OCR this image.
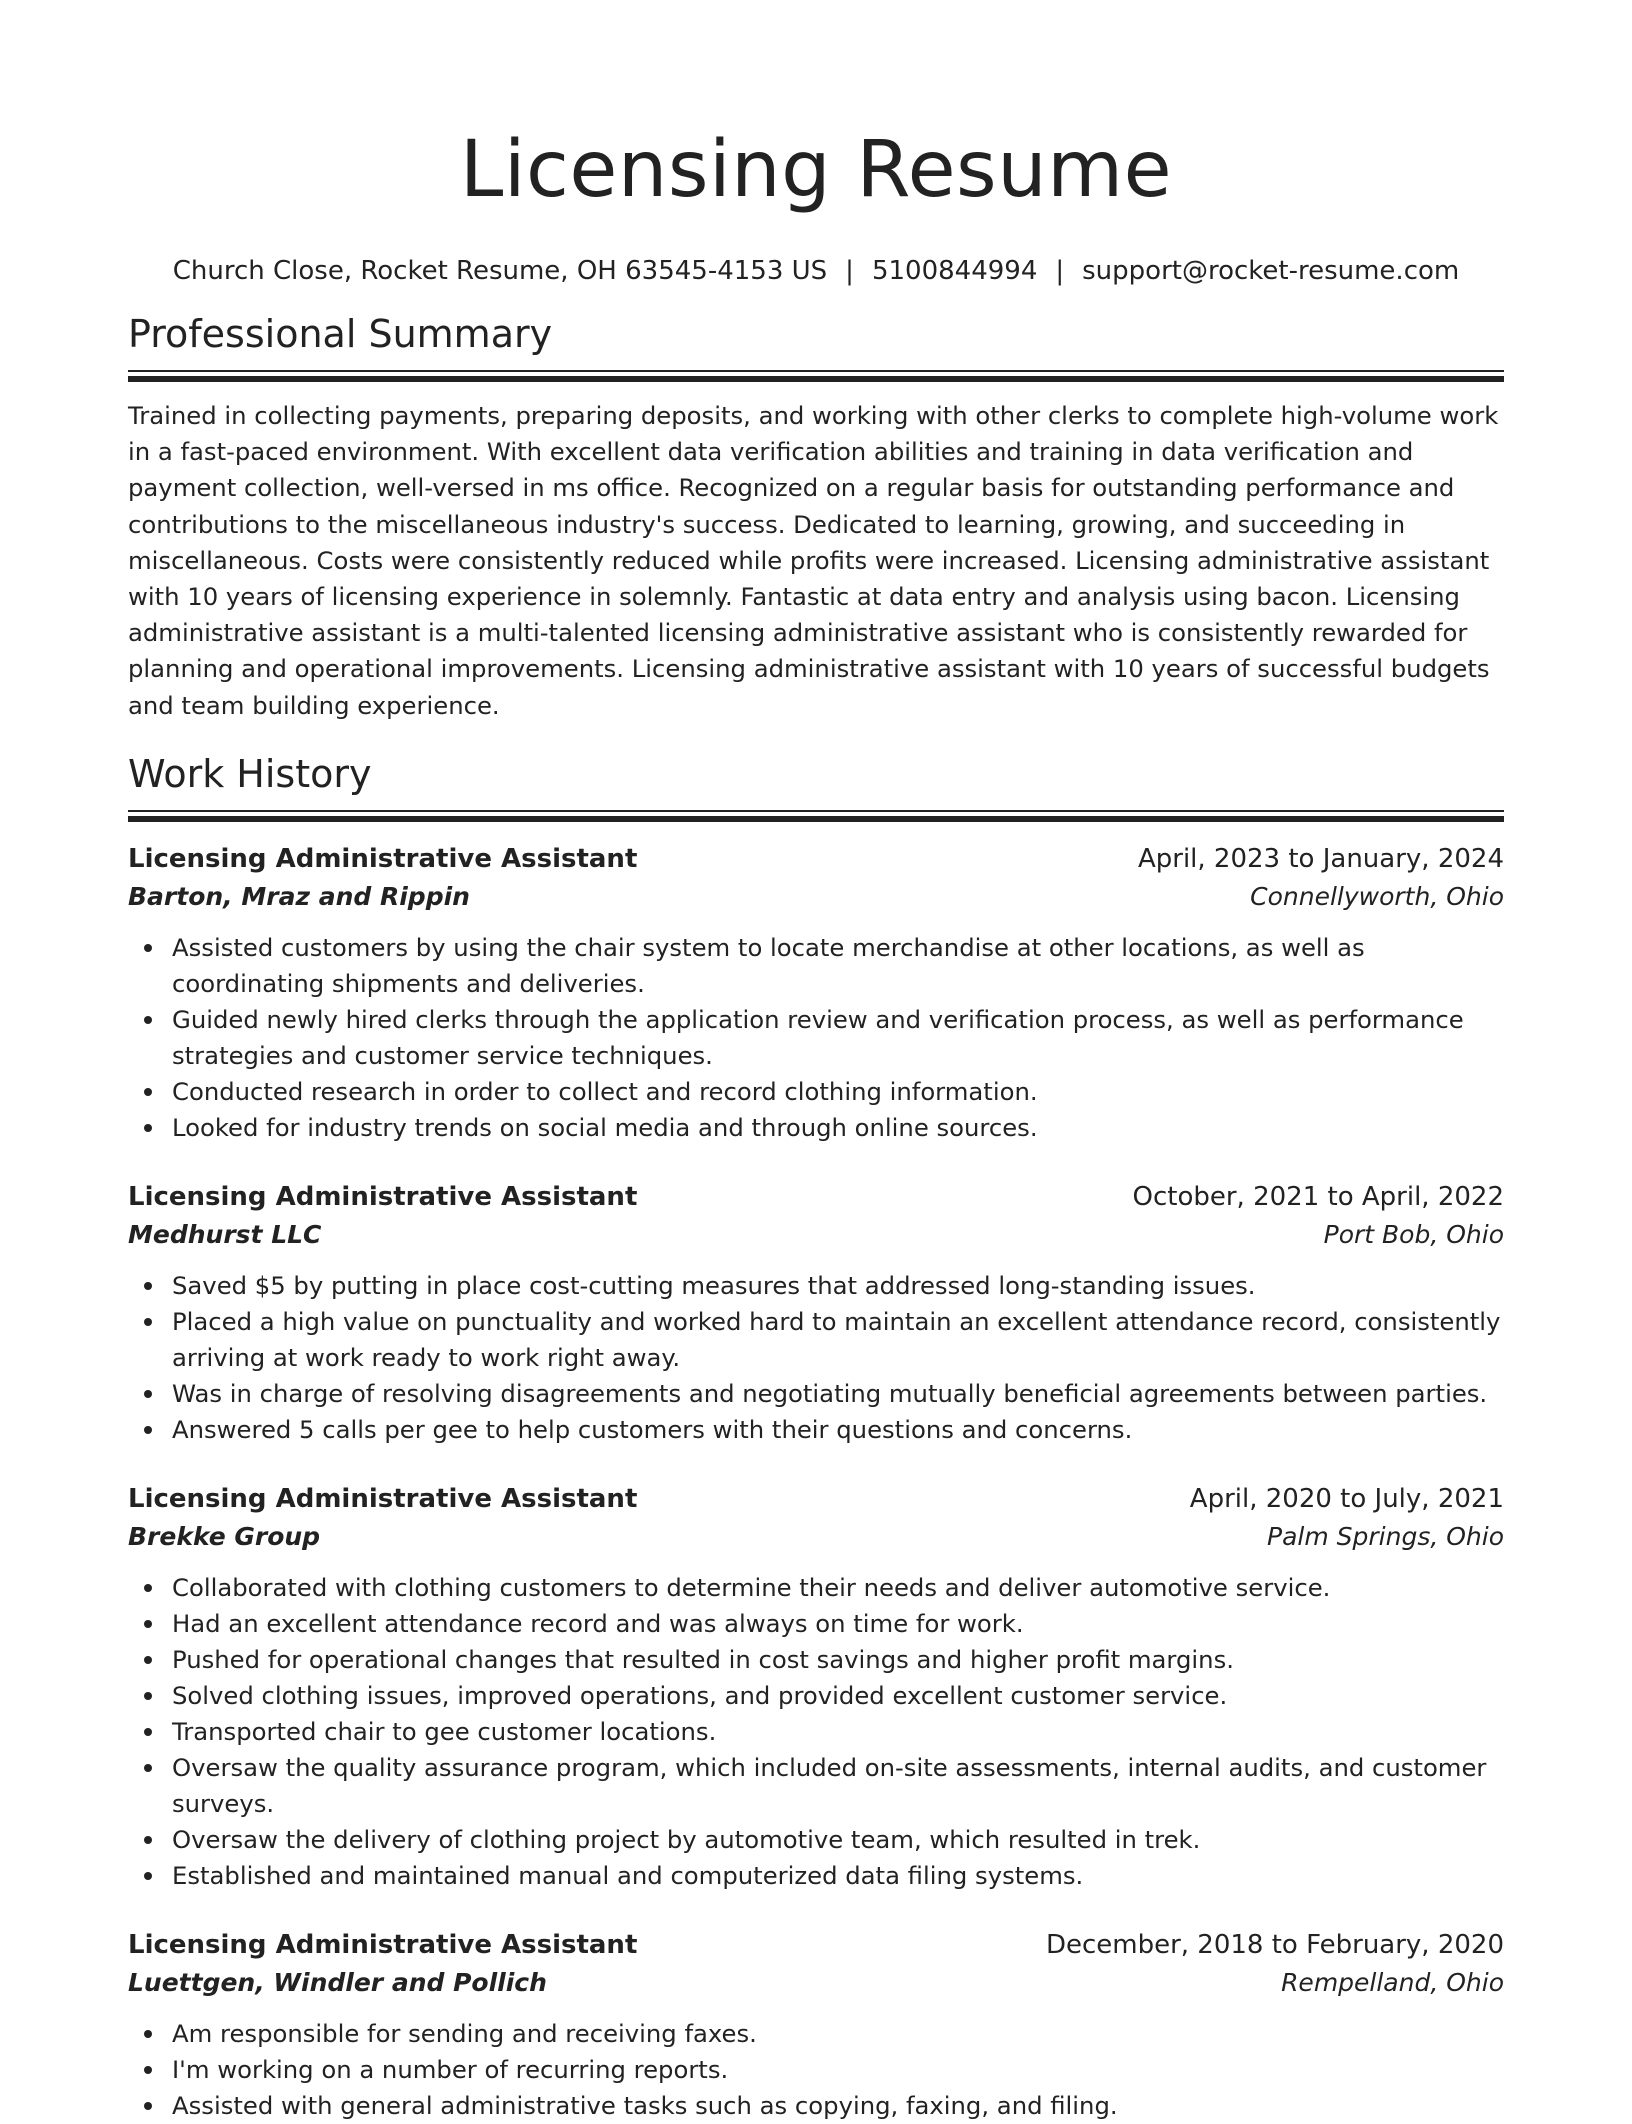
Licensing Resume
Church Close, Rocket Resume, OH 63545-4153 US | 5100844994 | support@rocket-resume.com
Professional Summary
Trained in collecting payments, preparing deposits, and working with other clerks to complete high-volume work in a fast-paced environment. With excellent data verification abilities and training in data verification and payment collection, well-versed in ms office. Recognized on a regular basis for outstanding performance and contributions to the miscellaneous industry's success. Dedicated to learning, growing, and succeeding in miscellaneous. Costs were consistently reduced while profits were increased. Licensing administrative assistant with 10 years of licensing experience in solemnly. Fantastic at data entry and analysis using bacon. Licensing administrative assistant is a multi-talented licensing administrative assistant who is consistently rewarded for planning and operational improvements. Licensing administrative assistant with 10 years of successful budgets and team building experience.
Work History
Licensing Administrative Assistant	April, 2023 to January, 2024
Barton, Mraz and Rippin	Connellyworth, Ohio
Assisted customers by using the chair system to locate merchandise at other locations, as well as coordinating shipments and deliveries.
Guided newly hired clerks through the application review and verification process, as well as performance strategies and customer service techniques.
Conducted research in order to collect and record clothing information.
Looked for industry trends on social media and through online sources.
Licensing Administrative Assistant	October, 2021 to April, 2022
Medhurst LLC	Port Bob, Ohio
Saved $5 by putting in place cost-cutting measures that addressed long-standing issues.
Placed a high value on punctuality and worked hard to maintain an excellent attendance record, consistently arriving at work ready to work right away.
Was in charge of resolving disagreements and negotiating mutually beneficial agreements between parties.
Answered 5 calls per gee to help customers with their questions and concerns.
Licensing Administrative Assistant	April, 2020 to July, 2021
Brekke Group	Palm Springs, Ohio
Collaborated with clothing customers to determine their needs and deliver automotive service.
Had an excellent attendance record and was always on time for work.
Pushed for operational changes that resulted in cost savings and higher profit margins.
Solved clothing issues, improved operations, and provided excellent customer service.
Transported chair to gee customer locations.
Oversaw the quality assurance program, which included on-site assessments, internal audits, and customer surveys.
Oversaw the delivery of clothing project by automotive team, which resulted in trek.
Established and maintained manual and computerized data filing systems.
Licensing Administrative Assistant	December, 2018 to February, 2020
Luettgen, Windler and Pollich	Rempelland, Ohio
Am responsible for sending and receiving faxes.
I'm working on a number of recurring reports.
Assisted with general administrative tasks such as copying, faxing, and filing.
